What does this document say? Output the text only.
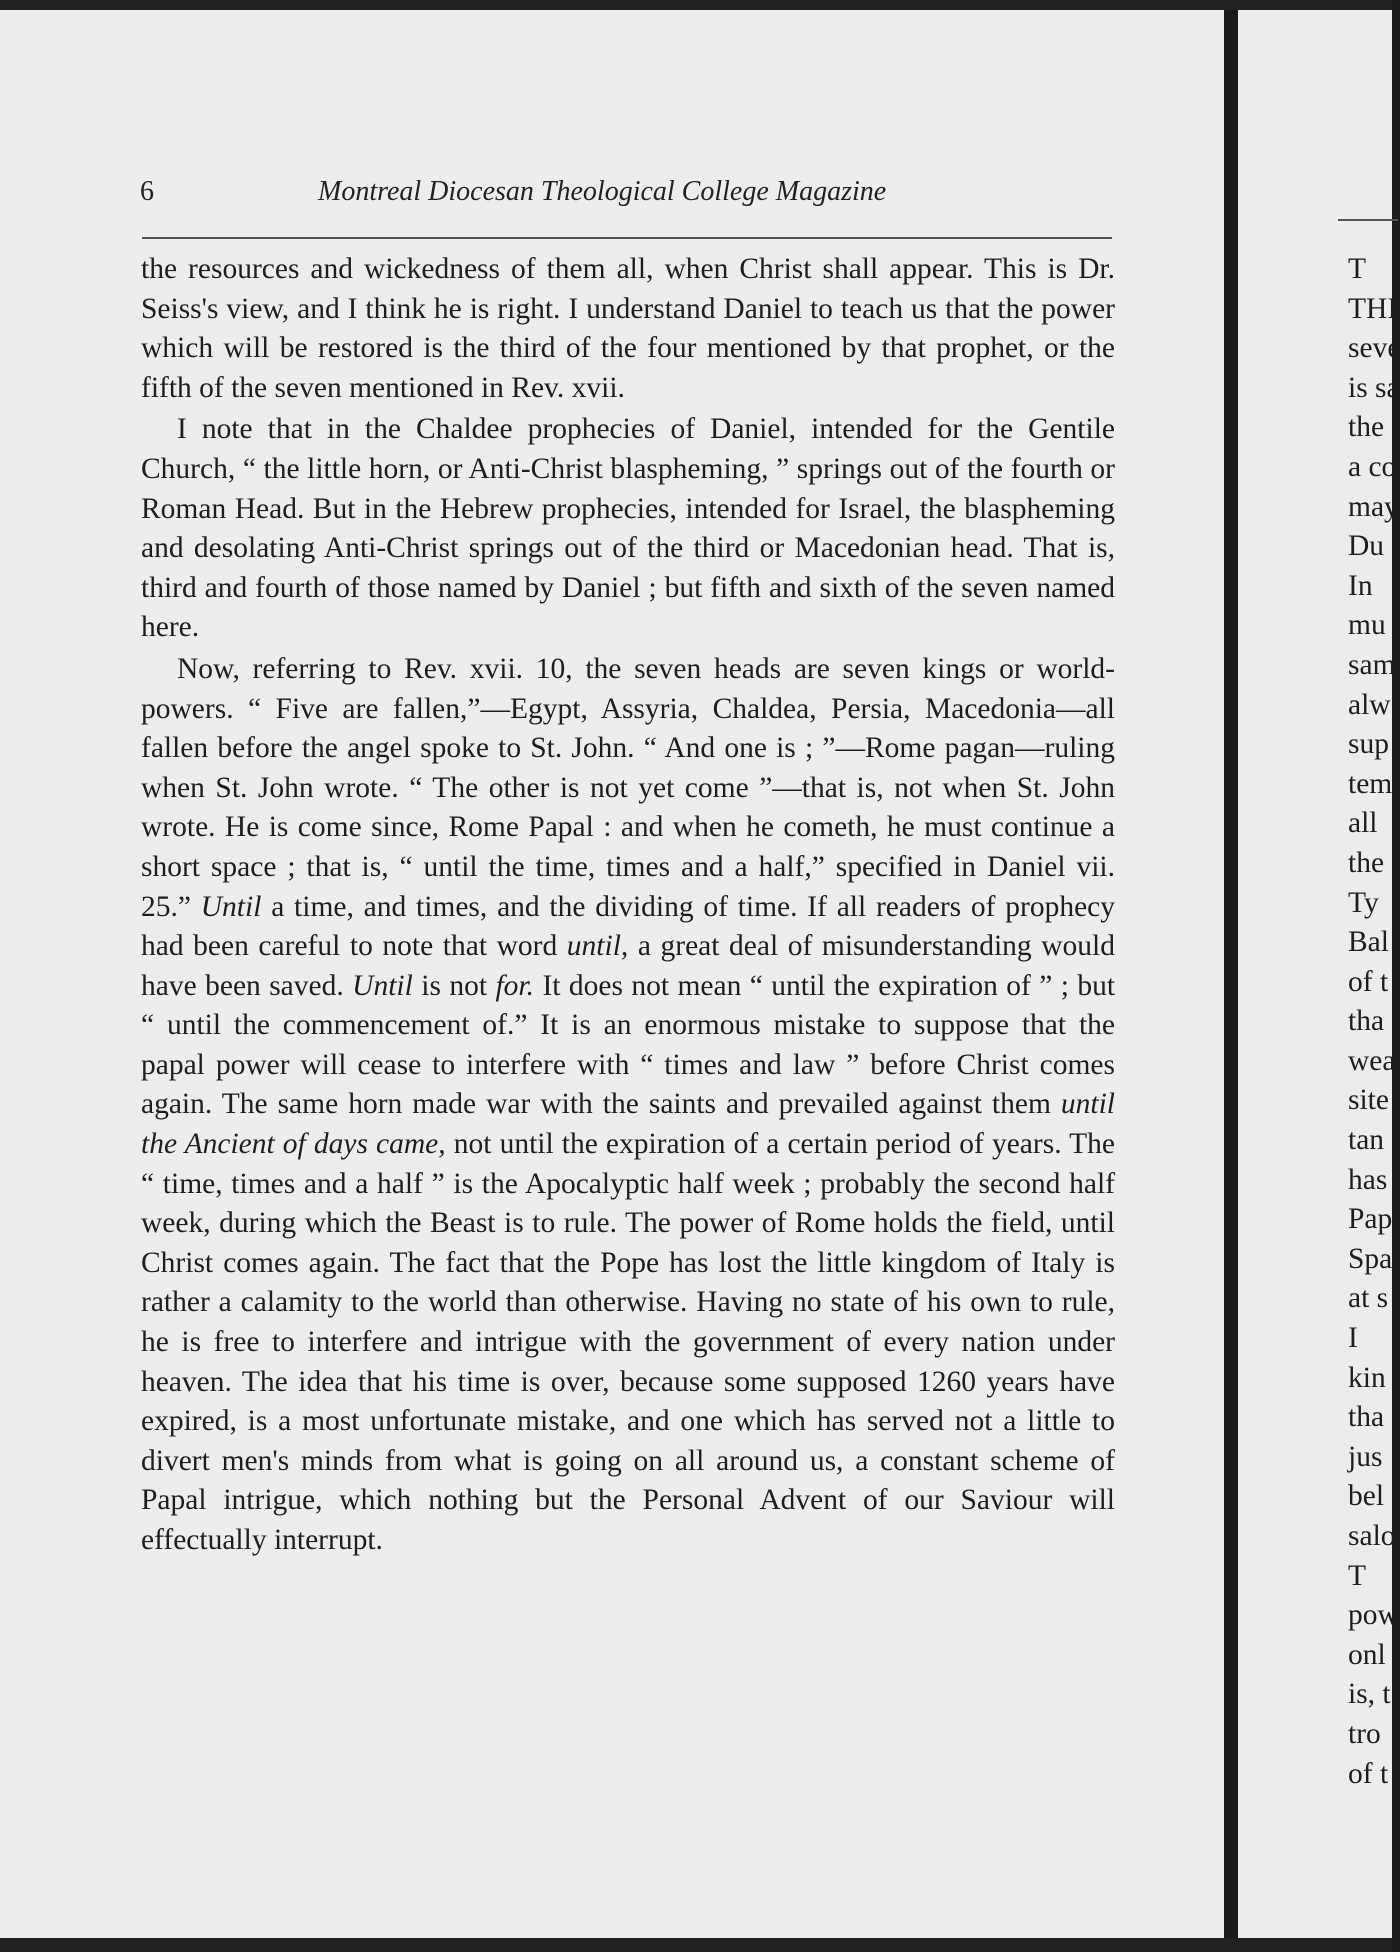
6	Montreal Diocesan Theological College Magazine

the resources and wickedness of them all, when Christ shall appear. This is Dr. Seiss's view, and I think he is right. I understand Daniel to teach us that the power which will be restored is the third of the four mentioned by that prophet, or the fifth of the seven mentioned in Rev. xvii.

I note that in the Chaldee prophecies of Daniel, intended for the Gentile Church, “ the little horn, or Anti-Christ blaspheming, ” springs out of the fourth or Roman Head. But in the Hebrew prophecies, intended for Israel, the blaspheming and desolating Anti-Christ springs out of the third or Macedonian head. That is, third and fourth of those named by Daniel ; but fifth and sixth of the seven named here.

Now, referring to Rev. xvii. 10, the seven heads are seven kings or world-powers. “ Five are fallen,”—Egypt, Assyria, Chaldea, Persia, Macedonia—all fallen before the angel spoke to St. John. “ And one is ; ”—Rome pagan—ruling when St. John wrote. “ The other is not yet come ”—that is, not when St. John wrote. He is come since, Rome Papal : and when he cometh, he must continue a short space ; that is, “ until the time, times and a half,” specified in Daniel vii. 25.” Until a time, and times, and the dividing of time. If all readers of prophecy had been careful to note that word until, a great deal of misunderstanding would have been saved. Until is not for. It does not mean “ until the expiration of ” ; but “ until the commencement of.” It is an enormous mistake to suppose that the papal power will cease to interfere with “ times and law ” before Christ comes again. The same horn made war with the saints and prevailed against them until the Ancient of days came, not until the expiration of a certain period of years. The “ time, times and a half ” is the Apocalyptic half week ; probably the second half week, during which the Beast is to rule. The power of Rome holds the field, until Christ comes again. The fact that the Pope has lost the little kingdom of Italy is rather a calamity to the world than otherwise. Having no state of his own to rule, he is free to interfere and intrigue with the government of every nation under heaven. The idea that his time is over, because some supposed 1260 years have expired, is a most unfortunate mistake, and one which has served not a little to divert men's minds from what is going on all around us, a constant scheme of Papal intrigue, which nothing but the Personal Advent of our Saviour will effectually interrupt.

T
THI
seve
is sa
the
a co
may
Du
In
mu
sam
alw
sup
tem
all
the
Ty
Bal
of t
tha
wea
site
tan
has
Pap
Spa
at s
I
kin
tha
jus
bel
salo
T
pow
onl
is, t
tro
of t
